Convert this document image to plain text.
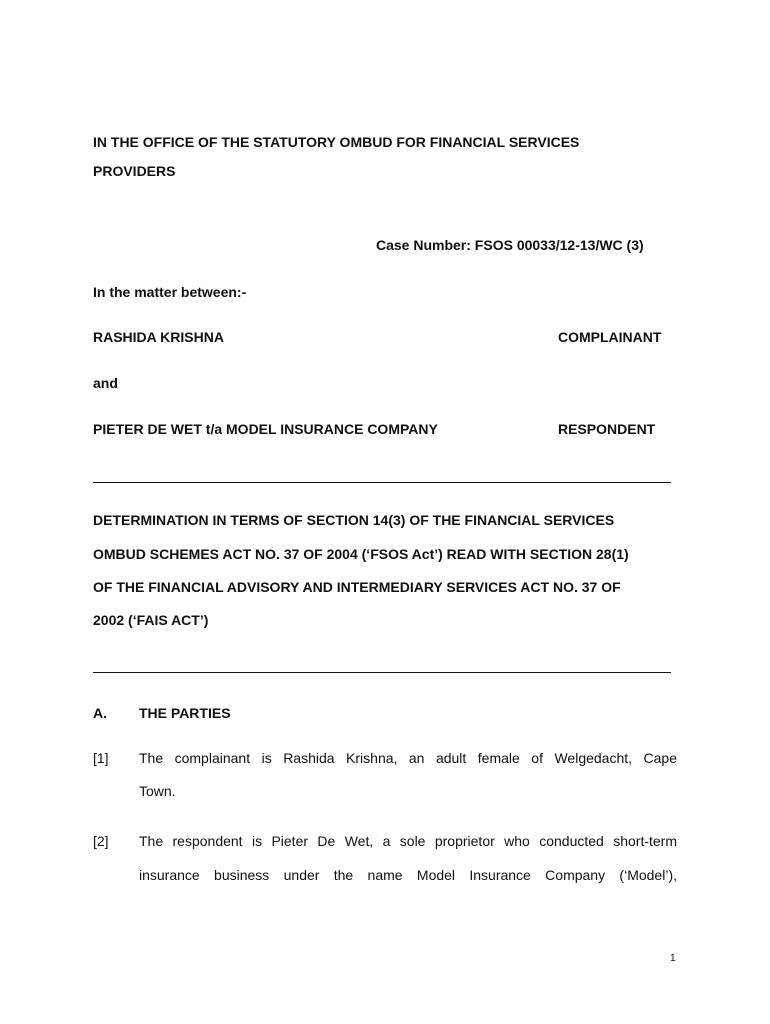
IN THE OFFICE OF THE STATUTORY OMBUD FOR FINANCIAL SERVICES
PROVIDERS
Case Number: FSOS 00033/12-13/WC (3)
In the matter between:-
RASHIDA KRISHNA	COMPLAINANT
and
PIETER DE WET t/a MODEL INSURANCE COMPANY	RESPONDENT
DETERMINATION IN TERMS OF SECTION 14(3) OF THE FINANCIAL SERVICES
OMBUD SCHEMES ACT NO. 37 OF 2004 (‘FSOS Act’) READ WITH SECTION 28(1)
OF THE FINANCIAL ADVISORY AND INTERMEDIARY SERVICES ACT NO. 37 OF
2002 (‘FAIS ACT’)
A. THE PARTIES
[1] The complainant is Rashida Krishna, an adult female of Welgedacht, Cape
Town.
[2] The respondent is Pieter De Wet, a sole proprietor who conducted short-term
insurance business under the name Model Insurance Company (‘Model’),
1
